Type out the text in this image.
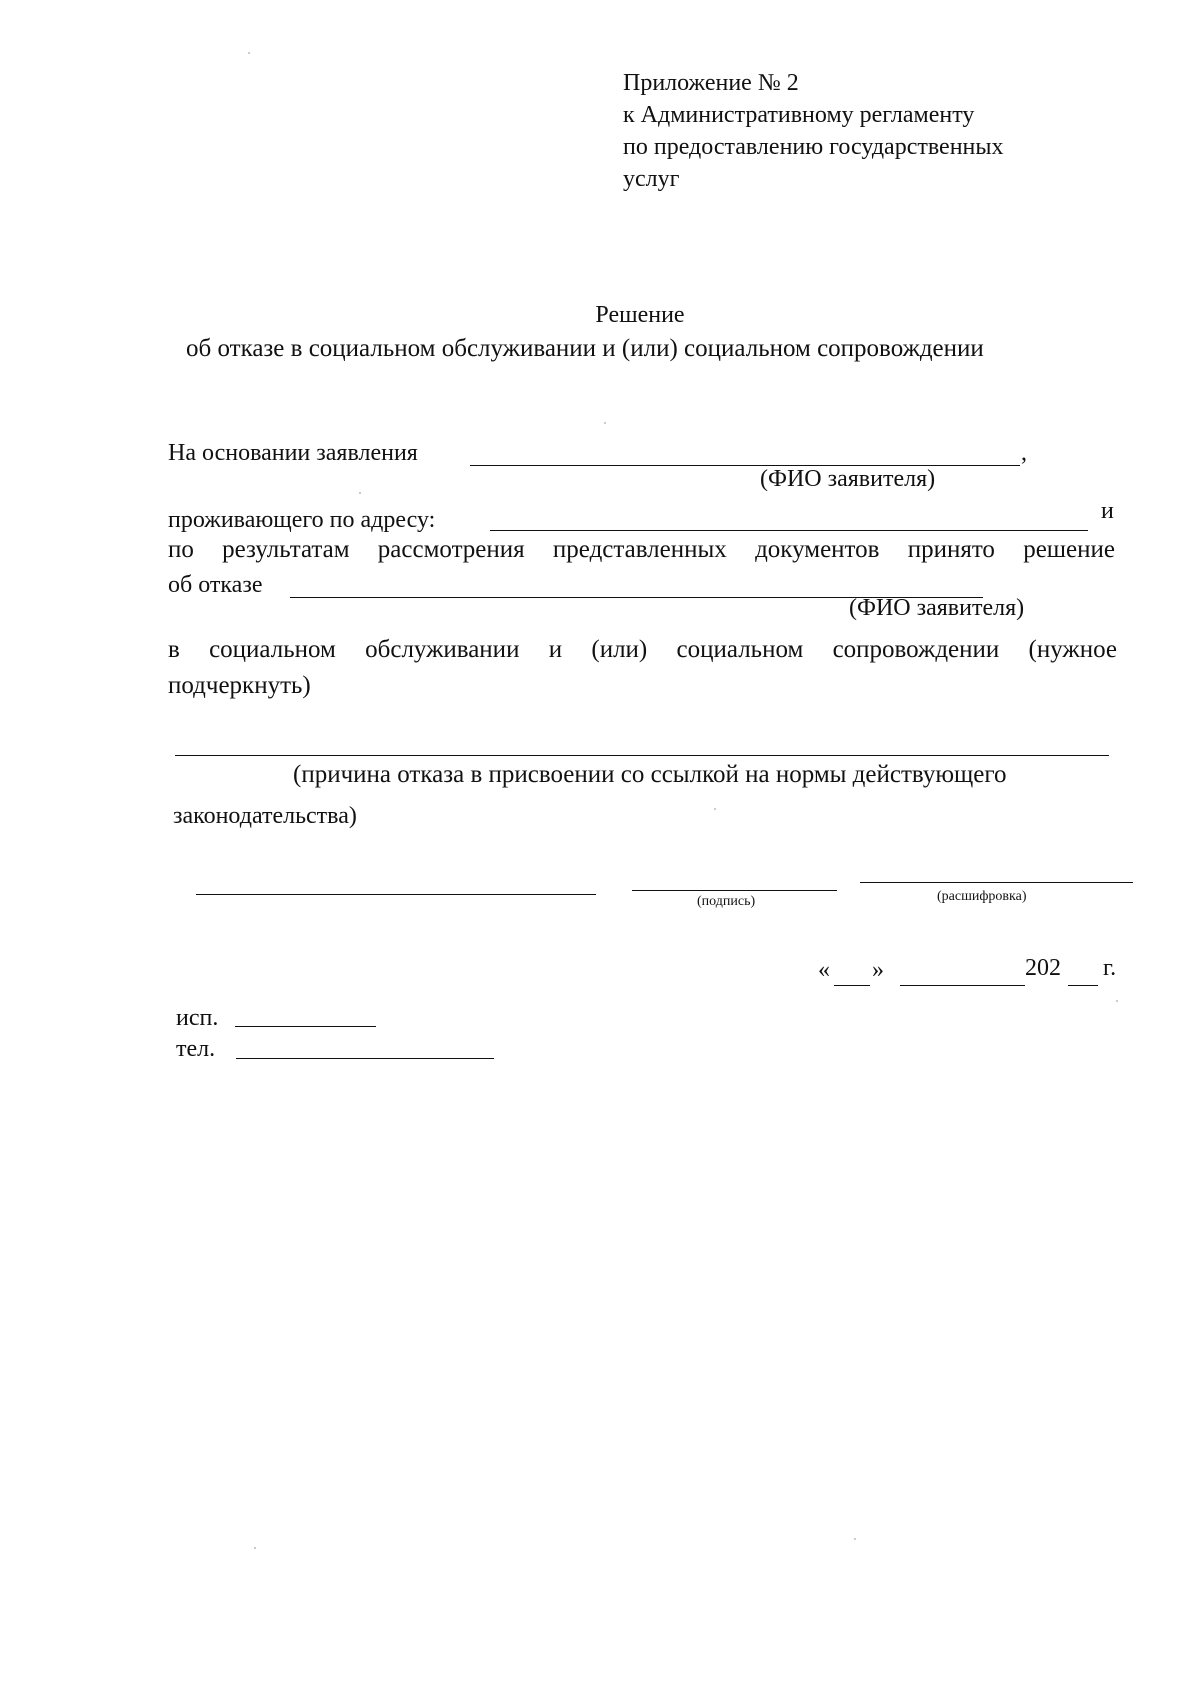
Приложение № 2
к Административному регламенту
по предоставлению государственных
услуг
Решение
об отказе в социальном обслуживании и (или) социальном сопровождении
На основании заявления	,
(ФИО заявителя)
проживающего по адресу:	и
по результатам рассмотрения представленных документов принято решение
об отказе
(ФИО заявителя)
в социальном обслуживании и (или) социальном сопровождении (нужное
подчеркнуть)
(причина отказа в присвоении со ссылкой на нормы действующего
законодательства)
(подпись)	(расшифровка)
« »	202 г.
исп.
тел.
